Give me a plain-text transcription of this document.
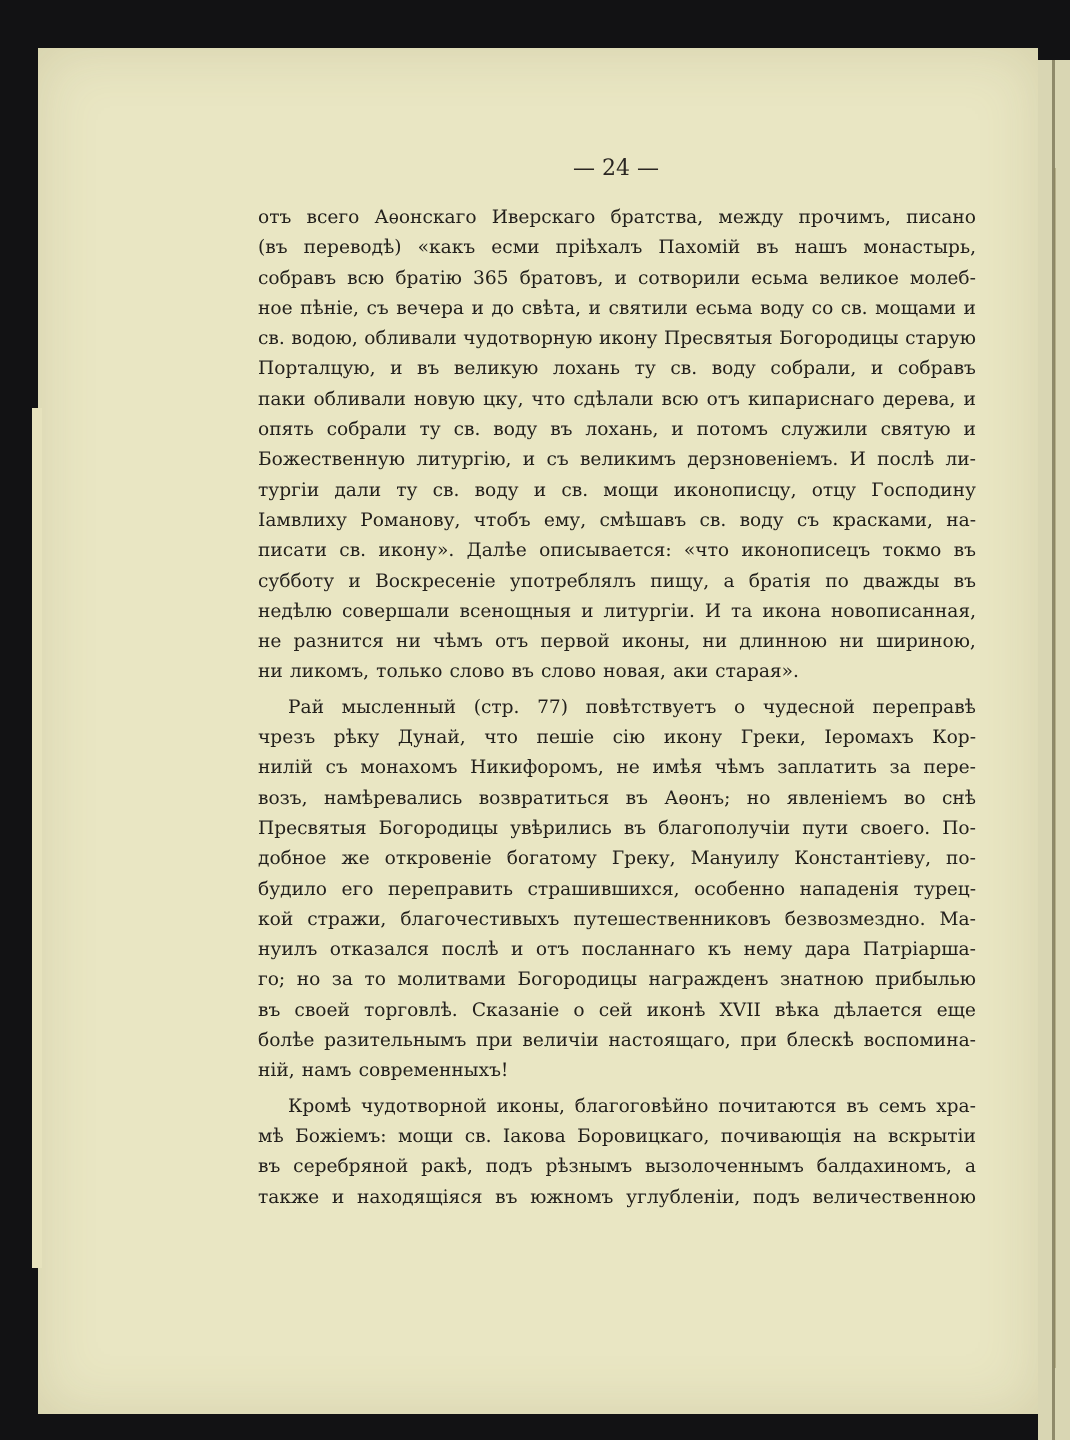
— 24 —
отъ всего Аѳонскаго Иверскаго братства, между прочимъ, писано
(въ переводѣ) «какъ есми пріѣхалъ Пахомій въ нашъ монастырь,
собравъ всю братію 365 братовъ, и сотворили есьма великое молеб-
ное пѣніе, съ вечера и до свѣта, и святили есьма воду со св. мощами и
св. водою, обливали чудотворную икону Пресвятыя Богородицы старую
Порталцую, и въ великую лохань ту св. воду собрали, и собравъ
паки обливали новую цку, что сдѣлали всю отъ кипариснаго дерева, и
опять собрали ту св. воду въ лохань, и потомъ служили святую и
Божественную литургію, и съ великимъ дерзновеніемъ. И послѣ ли-
тургіи дали ту св. воду и св. мощи иконописцу, отцу Господину
Іамвлиху Романову, чтобъ ему, смѣшавъ св. воду съ красками, на-
писати св. икону». Далѣе описывается: «что иконописецъ токмо въ
субботу и Воскресеніе употреблялъ пищу, а братія по дважды въ
недѣлю совершали всенощныя и литургіи. И та икона новописанная,
не разнится ни чѣмъ отъ первой иконы, ни длинною ни шириною,
ни ликомъ, только слово въ слово новая, аки старая».
Рай мысленный (стр. 77) повѣтствуетъ о чудесной переправѣ
чрезъ рѣку Дунай, что пешіе сію икону Греки, Іеромахъ Кор-
нилій съ монахомъ Никифоромъ, не имѣя чѣмъ заплатить за пере-
возъ, намѣревались возвратиться въ Аѳонъ; но явленіемъ во снѣ
Пресвятыя Богородицы увѣрились въ благополучіи пути своего. По-
добное же откровеніе богатому Греку, Мануилу Константіеву, по-
будило его переправить страшившихся, особенно нападенія турец-
кой стражи, благочестивыхъ путешественниковъ безвозмездно. Ма-
нуилъ отказался послѣ и отъ посланнаго къ нему дара Патріаршa-
го; но за то молитвами Богородицы награжденъ знатною прибылью
въ своей торговлѣ. Сказаніе о сей иконѣ XVII вѣка дѣлается еще
болѣе разительнымъ при величіи настоящаго, при блескѣ воспомина-
ній, намъ современныхъ!
Кромѣ чудотворной иконы, благоговѣйно почитаются въ семъ хра-
мѣ Божіемъ: мощи св. Іакова Боровицкаго, почивающія на вскрытіи
въ серебряной ракѣ, подъ рѣзнымъ вызолоченнымъ балдахиномъ, а
также и находящіяся въ южномъ углубленіи, подъ величественною
